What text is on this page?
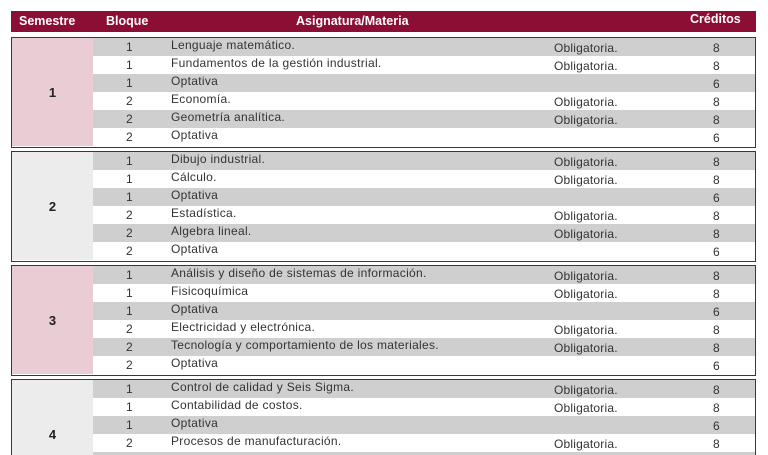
Semestre Bloque	Asignatura/Materia	Créditos
1
1	Lenguaje matemático.	Obligatoria.	8
1	Fundamentos de la gestión industrial.	Obligatoria.	8
1	Optativa	6
2	Economía.	Obligatoria.	8
2	Geometría analítica.	Obligatoria.	8
2	Optativa	6
2
1	Dibujo industrial.	Obligatoria.	8
1	Cálculo.	Obligatoria.	8
1	Optativa	6
2	Estadística.	Obligatoria.	8
2	Algebra lineal.	Obligatoria.	8
2	Optativa	6
3
1	Análisis y diseño de sistemas de información.	Obligatoria.	8
1	Fisicoquímica	Obligatoria.	8
1	Optativa	6
2	Electricidad y electrónica.	Obligatoria.	8
2	Tecnología y comportamiento de los materiales.	Obligatoria.	8
2	Optativa	6
4
1	Control de calidad y Seis Sigma.	Obligatoria.	8
1	Contabilidad de costos.	Obligatoria.	8
1	Optativa	6
2	Procesos de manufacturación.	Obligatoria.	8
